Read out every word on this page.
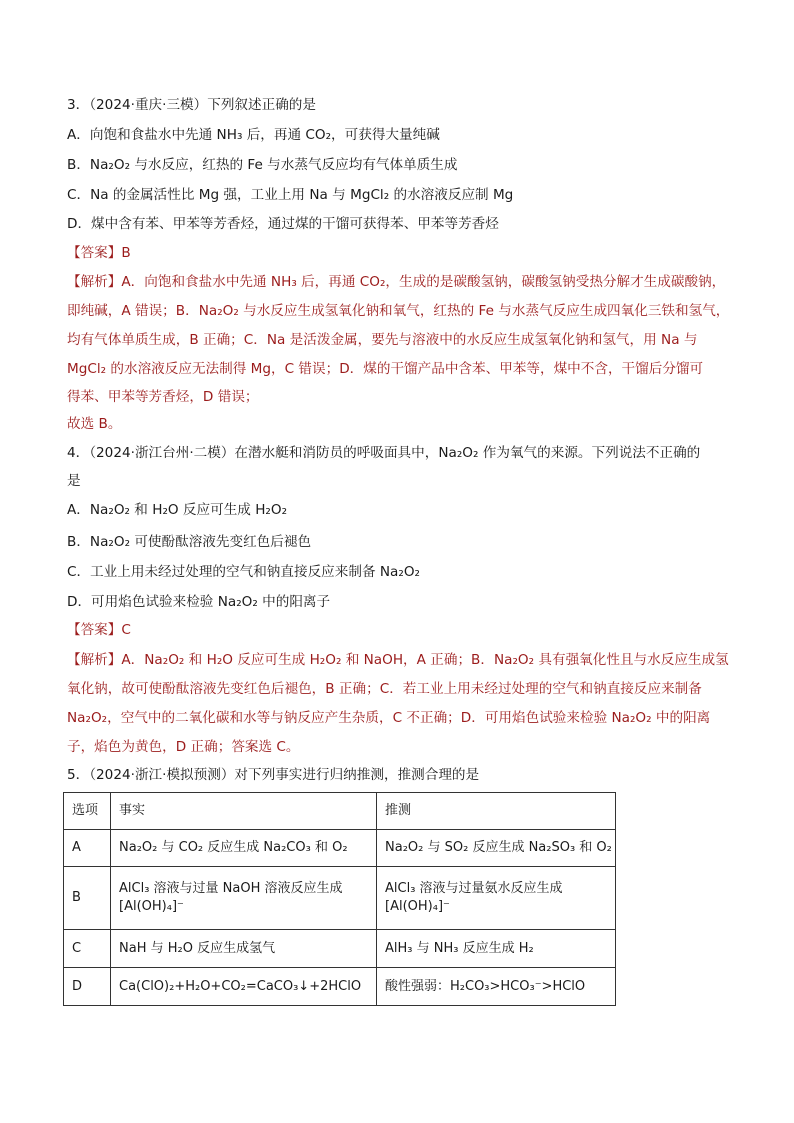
3．（2024·重庆·三模）下列叙述正确的是
A．向饱和食盐水中先通 NH₃ 后，再通 CO₂，可获得大量纯碱
B．Na₂O₂ 与水反应，红热的 Fe 与水蒸气反应均有气体单质生成
C．Na 的金属活性比 Mg 强，工业上用 Na 与 MgCl₂ 的水溶液反应制 Mg
D．煤中含有苯、甲苯等芳香烃，通过煤的干馏可获得苯、甲苯等芳香烃
【答案】B
【解析】A．向饱和食盐水中先通 NH₃ 后，再通 CO₂，生成的是碳酸氢钠，碳酸氢钠受热分解才生成碳酸钠，
即纯碱，A 错误；B．Na₂O₂ 与水反应生成氢氧化钠和氧气，红热的 Fe 与水蒸气反应生成四氧化三铁和氢气，
均有气体单质生成，B 正确；C．Na 是活泼金属，要先与溶液中的水反应生成氢氧化钠和氢气，用 Na 与
MgCl₂ 的水溶液反应无法制得 Mg，C 错误；D．煤的干馏产品中含苯、甲苯等，煤中不含，干馏后分馏可
得苯、甲苯等芳香烃，D 错误；
故选 B。
4．（2024·浙江台州·二模）在潜水艇和消防员的呼吸面具中，Na₂O₂ 作为氧气的来源。下列说法不正确的
是
A．Na₂O₂ 和 H₂O 反应可生成 H₂O₂
B．Na₂O₂ 可使酚酞溶液先变红色后褪色
C．工业上用未经过处理的空气和钠直接反应来制备 Na₂O₂
D．可用焰色试验来检验 Na₂O₂ 中的阳离子
【答案】C
【解析】A．Na₂O₂ 和 H₂O 反应可生成 H₂O₂ 和 NaOH，A 正确；B．Na₂O₂ 具有强氧化性且与水反应生成氢
氧化钠，故可使酚酞溶液先变红色后褪色，B 正确；C．若工业上用未经过处理的空气和钠直接反应来制备
Na₂O₂，空气中的二氧化碳和水等与钠反应产生杂质，C 不正确；D．可用焰色试验来检验 Na₂O₂ 中的阳离
子，焰色为黄色，D 正确；答案选 C。
5．（2024·浙江·模拟预测）对下列事实进行归纳推测，推测合理的是
选项	事实	推测
A	Na₂O₂ 与 CO₂ 反应生成 Na₂CO₃ 和 O₂	Na₂O₂ 与 SO₂ 反应生成 Na₂SO₃ 和 O₂
B	AlCl₃ 溶液与过量 NaOH 溶液反应生成 [Al(OH)₄]⁻	AlCl₃ 溶液与过量氨水反应生成 [Al(OH)₄]⁻
C	NaH 与 H₂O 反应生成氢气	AlH₃ 与 NH₃ 反应生成 H₂
D	Ca(ClO)₂+H₂O+CO₂=CaCO₃↓+2HClO	酸性强弱：H₂CO₃>HCO₃⁻>HClO
